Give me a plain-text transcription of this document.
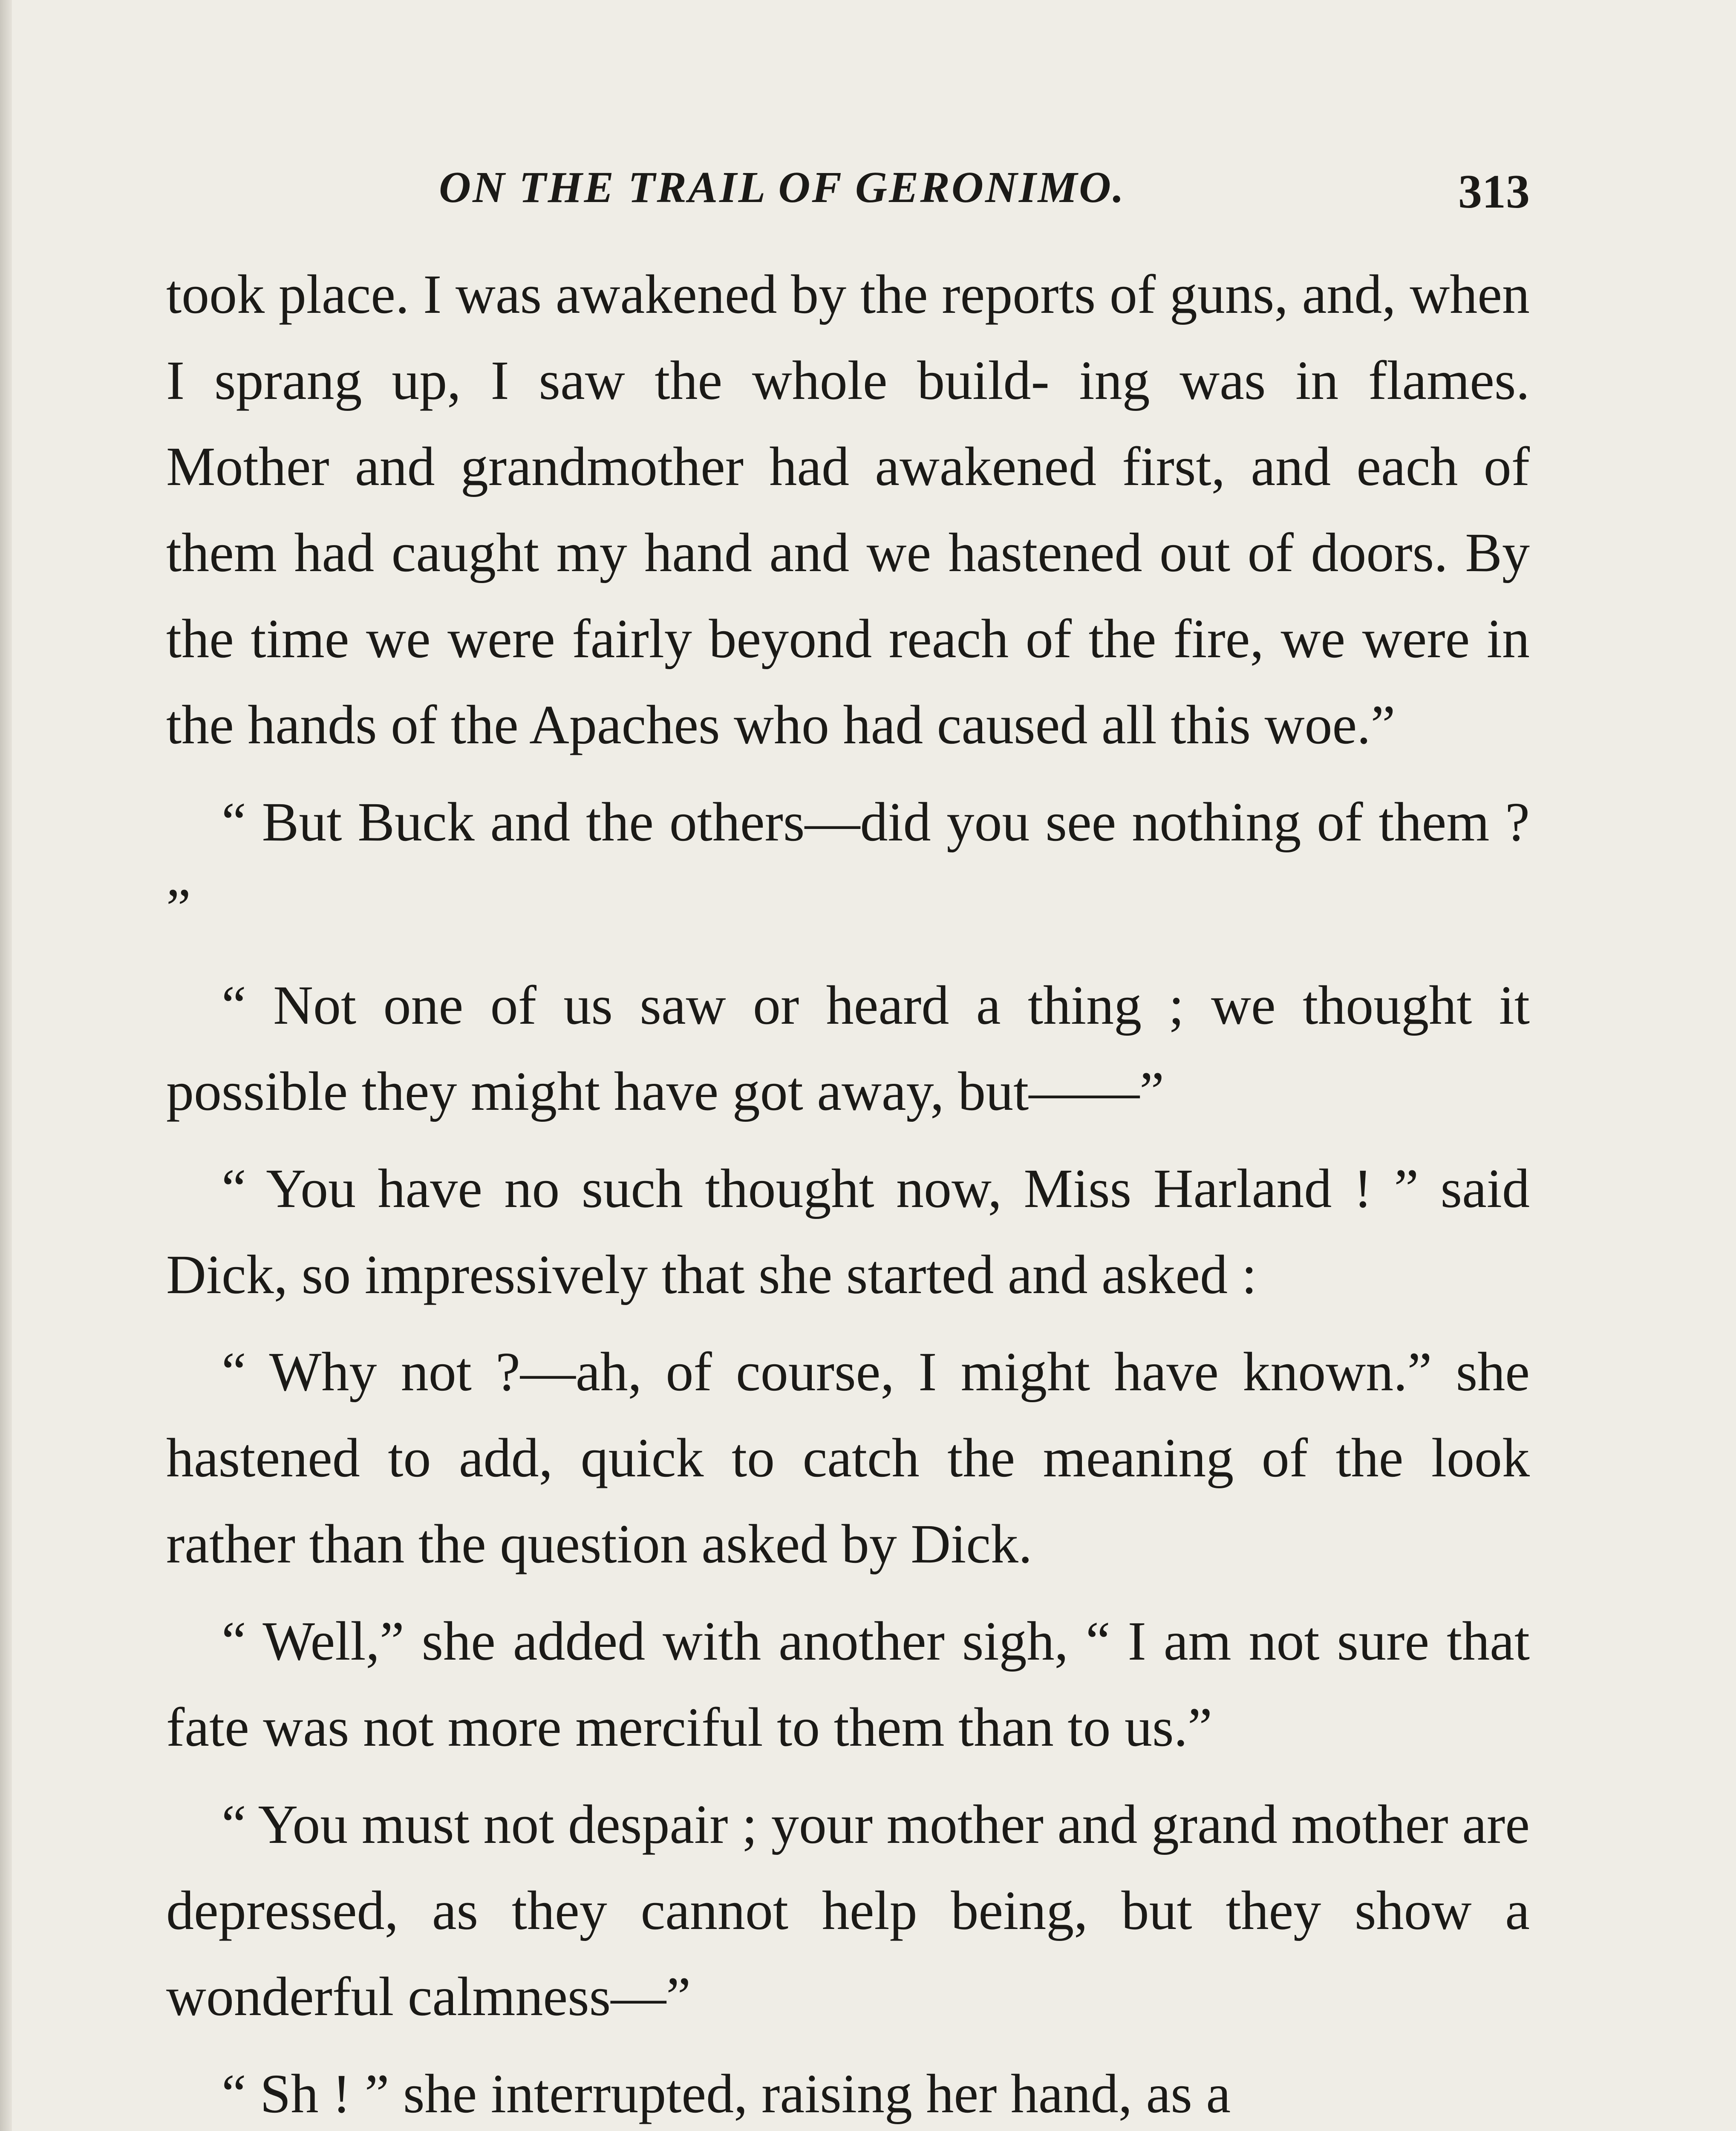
ON THE TRAIL OF GERONIMO.	313

took place. I was awakened by the reports of guns, and, when I sprang up, I saw the whole build- ing was in flames. Mother and grandmother had awakened first, and each of them had caught my hand and we hastened out of doors. By the time we were fairly beyond reach of the fire, we were in the hands of the Apaches who had caused all this woe.”

“ But Buck and the others—did you see nothing of them ? ”

“ Not one of us saw or heard a thing ; we thought it possible they might have got away, but——”

“ You have no such thought now, Miss Harland ! ” said Dick, so impressively that she started and asked :

“ Why not ?—ah, of course, I might have known.” she hastened to add, quick to catch the meaning of the look rather than the question asked by Dick.

“ Well,” she added with another sigh, “ I am not sure that fate was not more merciful to them than to us.”

“ You must not despair ; your mother and grand mother are depressed, as they cannot help being, but they show a wonderful calmness—”

“ Sh ! ” she interrupted, raising her hand, as a
